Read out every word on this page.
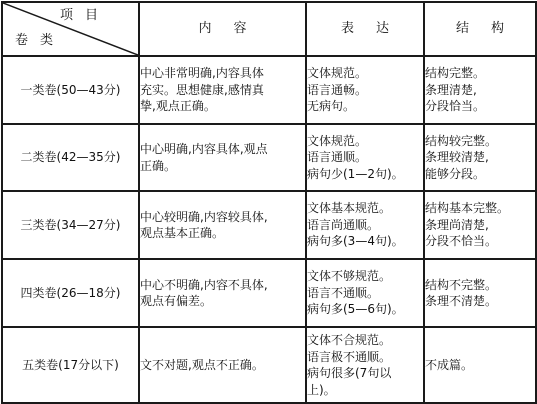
项目
卷类	内容	表达	结构
一类卷(50—43分)	中心非常明确,内容具体
充实。思想健康,感情真
挚,观点正确。	文体规范。
语言通畅。
无病句。	结构完整。
条理清楚,
分段恰当。

二类卷(42—35分)	中心明确,内容具体,观点
正确。	文体规范。
语言通顺。
病句少(1—2句)。	结构较完整。
条理较清楚,
能够分段。

三类卷(34—27分)	中心较明确,内容较具体,
观点基本正确。	文体基本规范。
语言尚通顺。
病句多(3—4句)。	结构基本完整。
条理尚清楚,
分段不恰当。

四类卷(26—18分)	中心不明确,内容不具体,
观点有偏差。	文体不够规范。
语言不通顺。
病句多(5—6句)。	结构不完整。
条理不清楚。

五类卷(17分以下)	文不对题,观点不正确。	文体不合规范。
语言极不通顺。
病句很多(7句以
上)。	不成篇。
